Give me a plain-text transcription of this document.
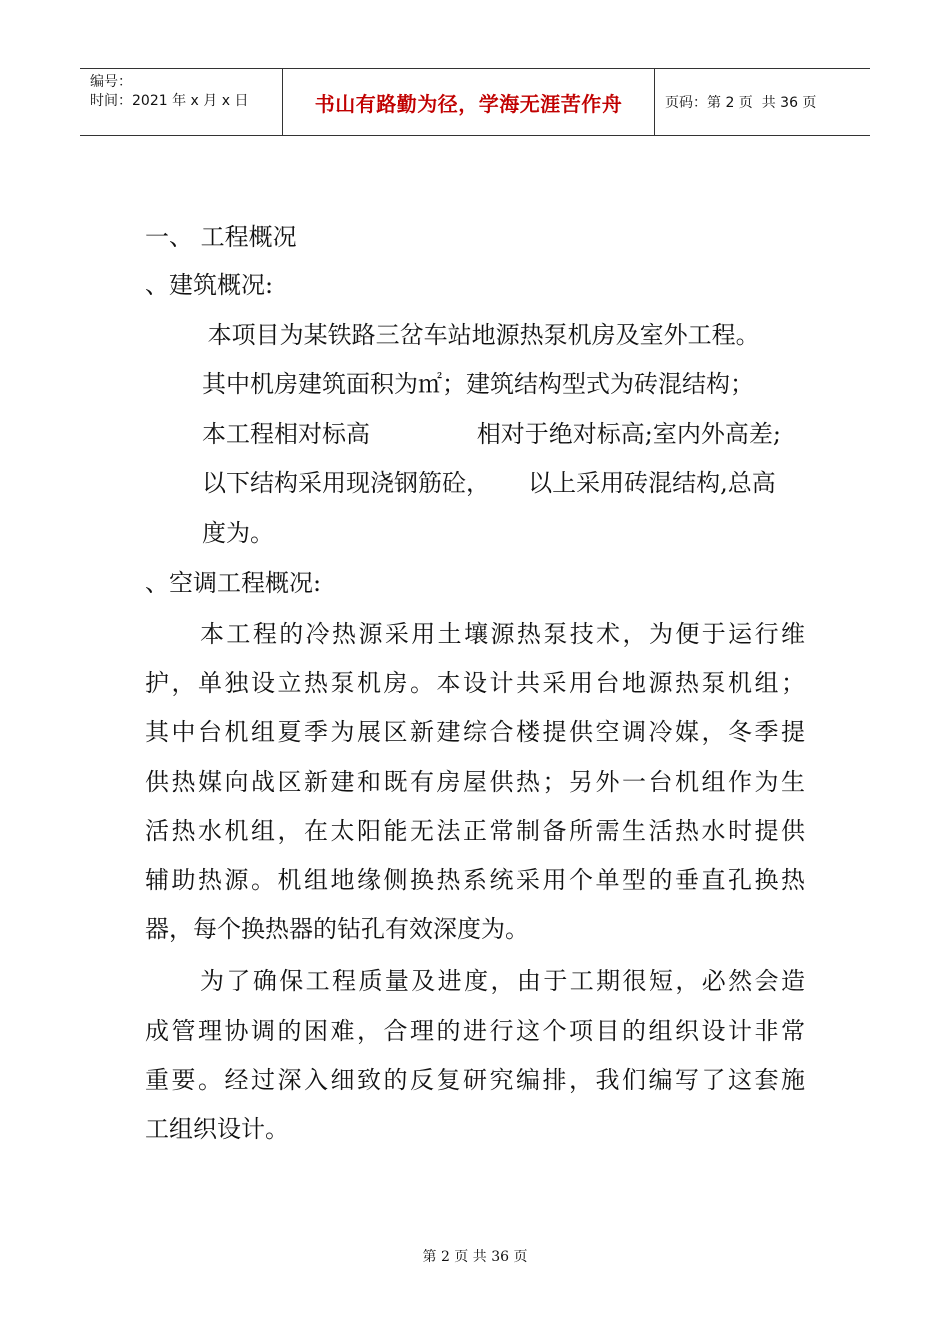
编号：
时间：2021 年 x 月 x 日	书山有路勤为径，学海无涯苦作舟	页码：第 2 页  共 36 页
一、 工程概况
、建筑概况:
本项目为某铁路三岔车站地源热泵机房及室外工程。
其中机房建筑面积为㎡；建筑结构型式为砖混结构；
本工程相对标高              相对于绝对标高;室内外高差;
以下结构采用现浇钢筋砼，     以上采用砖混结构,总高
度为。
、空调工程概况:
本工程的冷热源采用土壤源热泵技术，为便于运行维
护，单独设立热泵机房。本设计共采用台地源热泵机组；
其中台机组夏季为展区新建综合楼提供空调冷媒，冬季提
供热媒向战区新建和既有房屋供热；另外一台机组作为生
活热水机组，在太阳能无法正常制备所需生活热水时提供
辅助热源。机组地缘侧换热系统采用个单型的垂直孔换热
器，每个换热器的钻孔有效深度为。
为了确保工程质量及进度，由于工期很短，必然会造
成管理协调的困难，合理的进行这个项目的组织设计非常
重要。经过深入细致的反复研究编排，我们编写了这套施
工组织设计。
第 2 页 共 36 页
